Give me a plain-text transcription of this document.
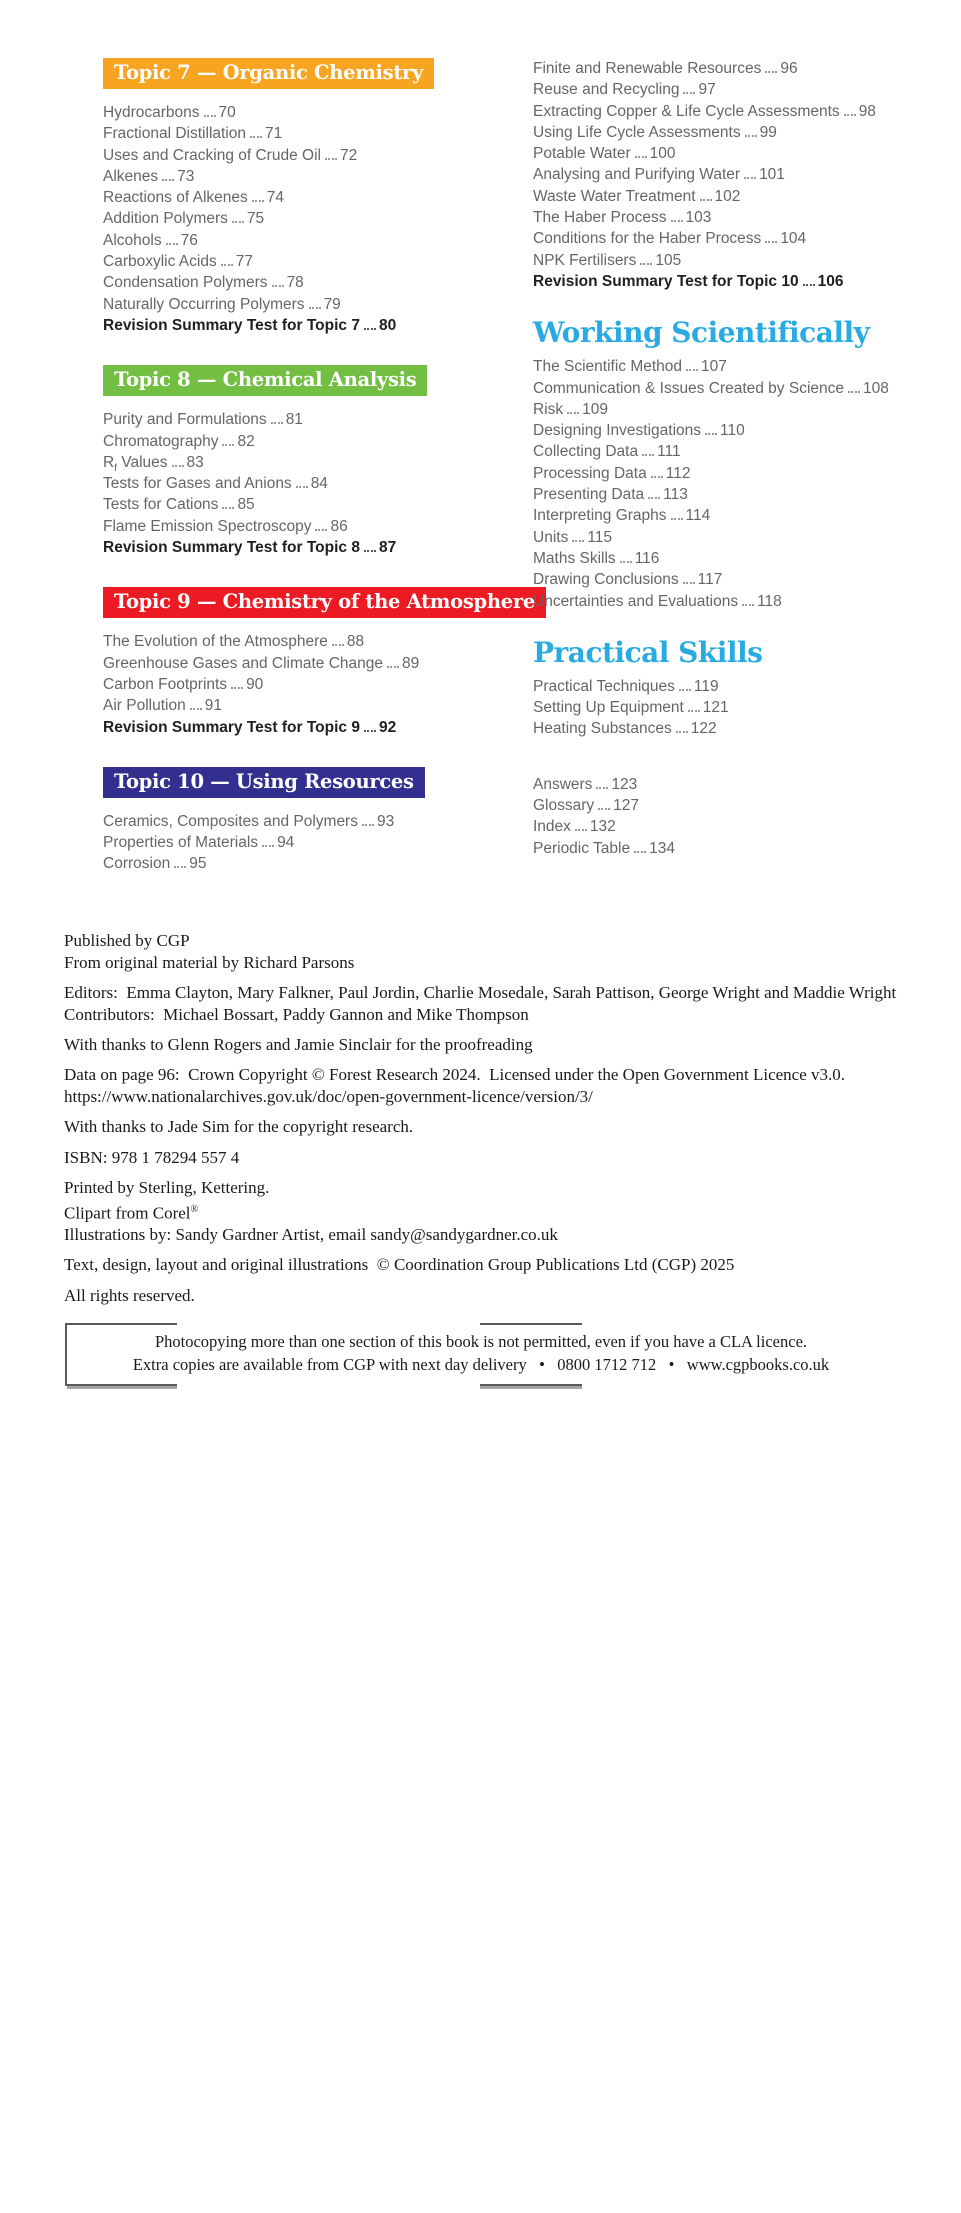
Topic 7 — Organic Chemistry
Hydrocarbons 70
Fractional Distillation 71
Uses and Cracking of Crude Oil 72
Alkenes 73
Reactions of Alkenes 74
Addition Polymers 75
Alcohols 76
Carboxylic Acids 77
Condensation Polymers 78
Naturally Occurring Polymers 79
Revision Summary Test for Topic 7 80
Topic 8 — Chemical Analysis
Purity and Formulations 81
Chromatography 82
$R_f$ Values 83
Tests for Gases and Anions 84
Tests for Cations 85
Flame Emission Spectroscopy 86
Revision Summary Test for Topic 8 87
Topic 9 — Chemistry of the Atmosphere
The Evolution of the Atmosphere 88
Greenhouse Gases and Climate Change 89
Carbon Footprints 90
Air Pollution 91
Revision Summary Test for Topic 9 92
Topic 10 — Using Resources
Ceramics, Composites and Polymers 93
Properties of Materials 94
Corrosion 95
Finite and Renewable Resources 96
Reuse and Recycling 97
Extracting Copper & Life Cycle Assessments 98
Using Life Cycle Assessments 99
Potable Water 100
Analysing and Purifying Water 101
Waste Water Treatment 102
The Haber Process 103
Conditions for the Haber Process 104
NPK Fertilisers 105
Revision Summary Test for Topic 10 106
Working Scientifically
The Scientific Method 107
Communication & Issues Created by Science 108
Risk 109
Designing Investigations 110
Collecting Data 111
Processing Data 112
Presenting Data 113
Interpreting Graphs 114
Units 115
Maths Skills 116
Drawing Conclusions 117
Uncertainties and Evaluations 118
Practical Skills
Practical Techniques 119
Setting Up Equipment 121
Heating Substances 122
Answers 123
Glossary 127
Index 132
Periodic Table 134

Published by CGP
From original material by Richard Parsons

Editors:  Emma Clayton, Mary Falkner, Paul Jordin, Charlie Mosedale, Sarah Pattison, George Wright and Maddie Wright
Contributors:  Michael Bossart, Paddy Gannon and Mike Thompson

With thanks to Glenn Rogers and Jamie Sinclair for the proofreading

Data on page 96:  Crown Copyright © Forest Research 2024.  Licensed under the Open Government Licence v3.0.
https://www.nationalarchives.gov.uk/doc/open-government-licence/version/3/

With thanks to Jade Sim for the copyright research.

ISBN: 978 1 78294 557 4

Printed by Sterling, Kettering.
Clipart from Corel®
Illustrations by: Sandy Gardner Artist, email sandy@sandygardner.co.uk

Text, design, layout and original illustrations  © Coordination Group Publications Ltd (CGP) 2025

All rights reserved.

Photocopying more than one section of this book is not permitted, even if you have a CLA licence.
Extra copies are available from CGP with next day delivery   •   0800 1712 712   •   www.cgpbooks.co.uk
